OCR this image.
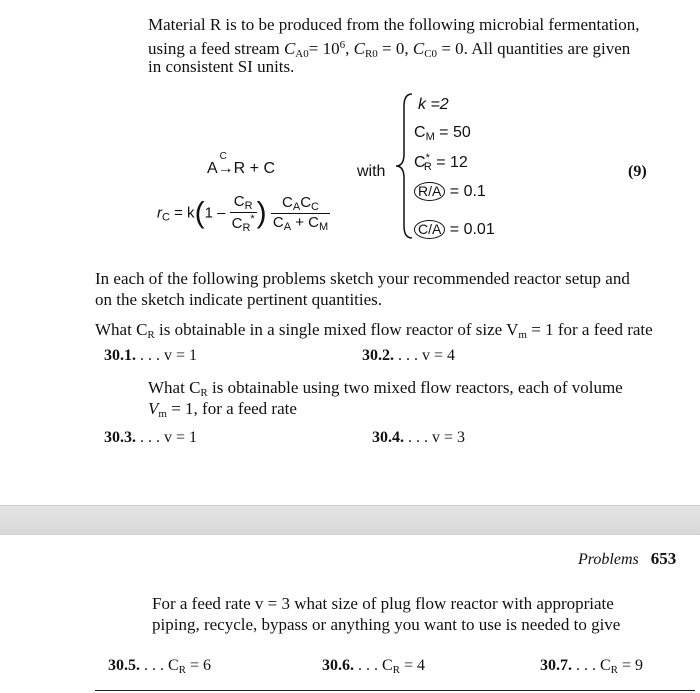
Material R is to be produced from the following microbial fermentation,
using a feed stream $C_{A0}= 10^6$, $C_{R0} = 0$, $C_{C0} = 0$. All quantities are given
in consistent SI units.
A
C
→R + C
$r_C = k(1 - \frac{C_R}{C_R^*}$ ) $\frac{C_AC_C}{C_A + C_M}$
with
k =2
$C_M = 50$
$C^*_R = 12$
R/A = 0.1
C/A = 0.01
(9)
In each of the following problems sketch your recommended reactor setup and
on the sketch indicate pertinent quantities.
What $C_R$ is obtainable in a single mixed flow reactor of size $V_m = 1$ for a feed rate
30.1. . . . v = 1	30.2. . . . v = 4
What $C_R$ is obtainable using two mixed flow reactors, each of volume
$V_m = 1$, for a feed rate
30.3. . . . v = 1	30.4. . . . v = 3
Problems 653
For a feed rate v = 3 what size of plug flow reactor with appropriate
piping, recycle, bypass or anything you want to use is needed to give
30.5. . . . $C_R = 6$	30.6. . . . $C_R = 4$	30.7. . . . $C_R = 9$
